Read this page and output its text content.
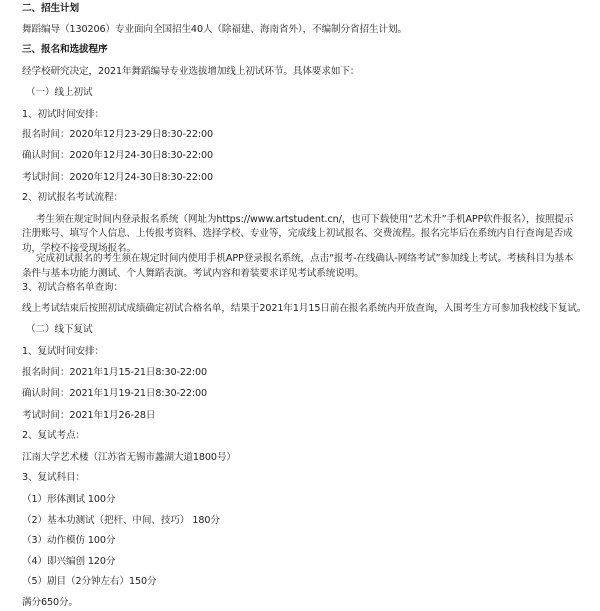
二、招生计划
舞蹈编导（130206）专业面向全国招生40人（除福建、海南省外），不编制分省招生计划。
三、报名和选拔程序
经学校研究决定，2021年舞蹈编导专业选拔增加线上初试环节。具体要求如下：
（一）线上初试
1、初试时间安排：
报名时间：2020年12月23-29日8:30-22:00
确认时间：2020年12月24-30日8:30-22:00
考试时间：2020年12月24-30日8:30-22:00
2、初试报名考试流程：
考生须在规定时间内登录报名系统（网址为https://www.artstudent.cn/，也可下载使用“艺术升”手机APP软件报名），按照提示注册账号、填写个人信息、上传报考资料、选择学校、专业等，完成线上初试报名、交费流程。报名完毕后在系统内自行查询是否成功，学校不接受现场报名。
完成初试报名的考生须在规定时间内使用手机APP登录报名系统，点击“报考-在线确认-网络考试”参加线上考试。考核科目为基本条件与基本功能力测试、个人舞蹈表演。考试内容和着装要求详见考试系统说明。
3、初试合格名单查询：
线上考试结束后按照初试成绩确定初试合格名单，结果于2021年1月15日前在报名系统内开放查询，入围考生方可参加我校线下复试。
（二）线下复试
1、复试时间安排：
报名时间：2021年1月15-21日8:30-22:00
确认时间：2021年1月19-21日8:30-22:00
考试时间：2021年1月26-28日
2、复试考点：
江南大学艺术楼（江苏省无锡市蠡湖大道1800号）
3、复试科目：
（1）形体测试 100分
（2）基本功测试（把杆、中间、技巧） 180分
（3）动作模仿 100分
（4）即兴编创 120分
（5）剧目（2分钟左右）150分
满分650分。
